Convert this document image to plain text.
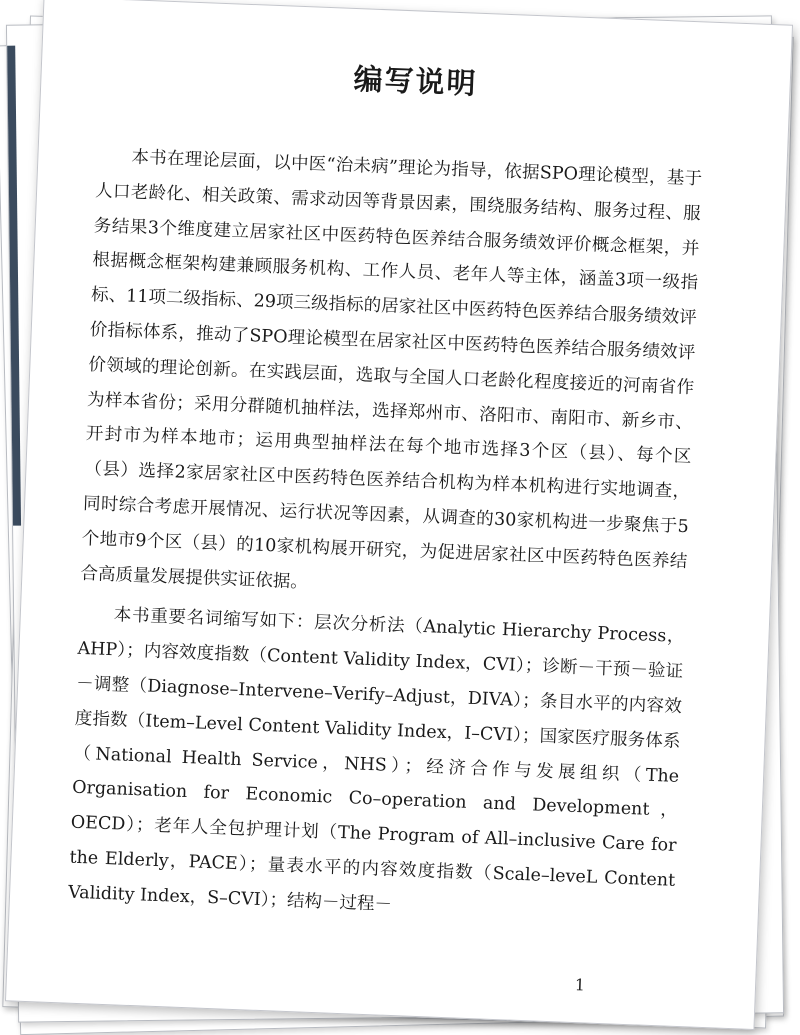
编写说明

本书在理论层面，以中医“治未病”理论为指导，依据SPO理论模型，基于人口老龄化、相关政策、需求动因等背景因素，围绕服务结构、服务过程、服务结果3个维度建立居家社区中医药特色医养结合服务绩效评价概念框架，并根据概念框架构建兼顾服务机构、工作人员、老年人等主体，涵盖3项一级指标、11项二级指标、29项三级指标的居家社区中医药特色医养结合服务绩效评价指标体系，推动了SPO理论模型在居家社区中医药特色医养结合服务绩效评价领域的理论创新。在实践层面，选取与全国人口老龄化程度接近的河南省作为样本省份；采用分群随机抽样法，选择郑州市、洛阳市、南阳市、新乡市、开封市为样本地市；运用典型抽样法在每个地市选择3个区（县）、每个区（县）选择2家居家社区中医药特色医养结合机构为样本机构进行实地调查，同时综合考虑开展情况、运行状况等因素，从调查的30家机构进一步聚焦于5个地市9个区（县）的10家机构展开研究，为促进居家社区中医药特色医养结合高质量发展提供实证依据。

本书重要名词缩写如下：层次分析法（Analytic Hierarchy Process，AHP）；内容效度指数（Content Validity Index，CVI）；诊断－干预－验证－调整（Diagnose–Intervene–Verify–Adjust，DIVA）；条目水平的内容效度指数（Item–Level Content Validity Index，I–CVI）；国家医疗服务体系（National Health Service，NHS）；经济合作与发展组织（The Organisation for Economic Co–operation and Development，OECD）；老年人全包护理计划（The Program of All–inclusive Care for the Elderly，PACE）；量表水平的内容效度指数（Scale–leveL Content Validity Index，S–CVI）；结构－过程－

1
